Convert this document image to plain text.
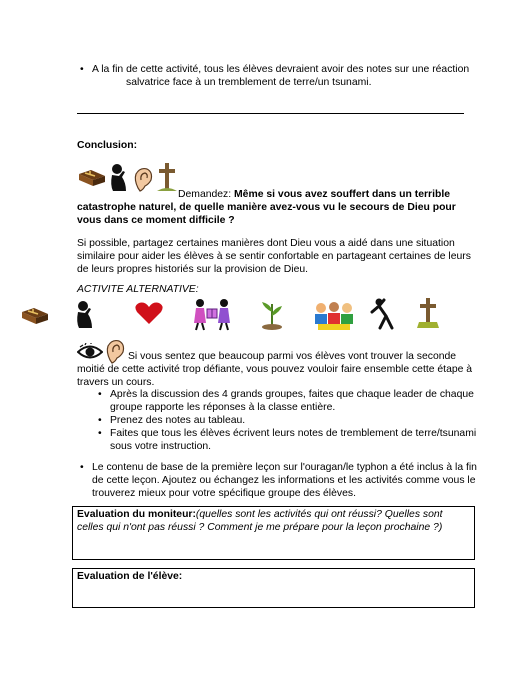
• A la fin de cette activité, tous les élèves devraient avoir des notes sur une réaction
salvatrice face à un tremblement de terre/un tsunami.
Conclusion:
Demandez: Même si vous avez souffert dans un terrible
catastrophe naturel, de quelle manière avez-vous vu le secours de Dieu pour
vous dans ce moment difficile ?
Si possible, partagez certaines manières dont Dieu vous a aidé dans une situation
similaire pour aider les élèves à se sentir confortable en partageant certaines de leurs
de leurs propres historiés sur la provision de Dieu.
ACTIVITE ALTERNATIVE:
Si vous sentez que beaucoup parmi vos élèves vont trouver la seconde
moitié de cette activité trop défiante, vous pouvez vouloir faire ensemble cette étape à
travers un cours.
• Après la discussion des 4 grands groupes, faites que chaque leader de chaque
groupe rapporte les réponses à la classe entière.
• Prenez des notes au tableau.
• Faites que tous les élèves écrivent leurs notes de tremblement de terre/tsunami
sous votre instruction.
• Le contenu de base de la première leçon sur l'ouragan/le typhon a été inclus à la fin
de cette leçon. Ajoutez ou échangez les informations et les activités comme vous le
trouverez mieux pour votre spécifique groupe des élèves.
Evaluation du moniteur:(quelles sont les activités qui ont réussi? Quelles sont
celles qui n'ont pas réussi ? Comment je me prépare pour la leçon prochaine ?)
Evaluation de l'élève:
